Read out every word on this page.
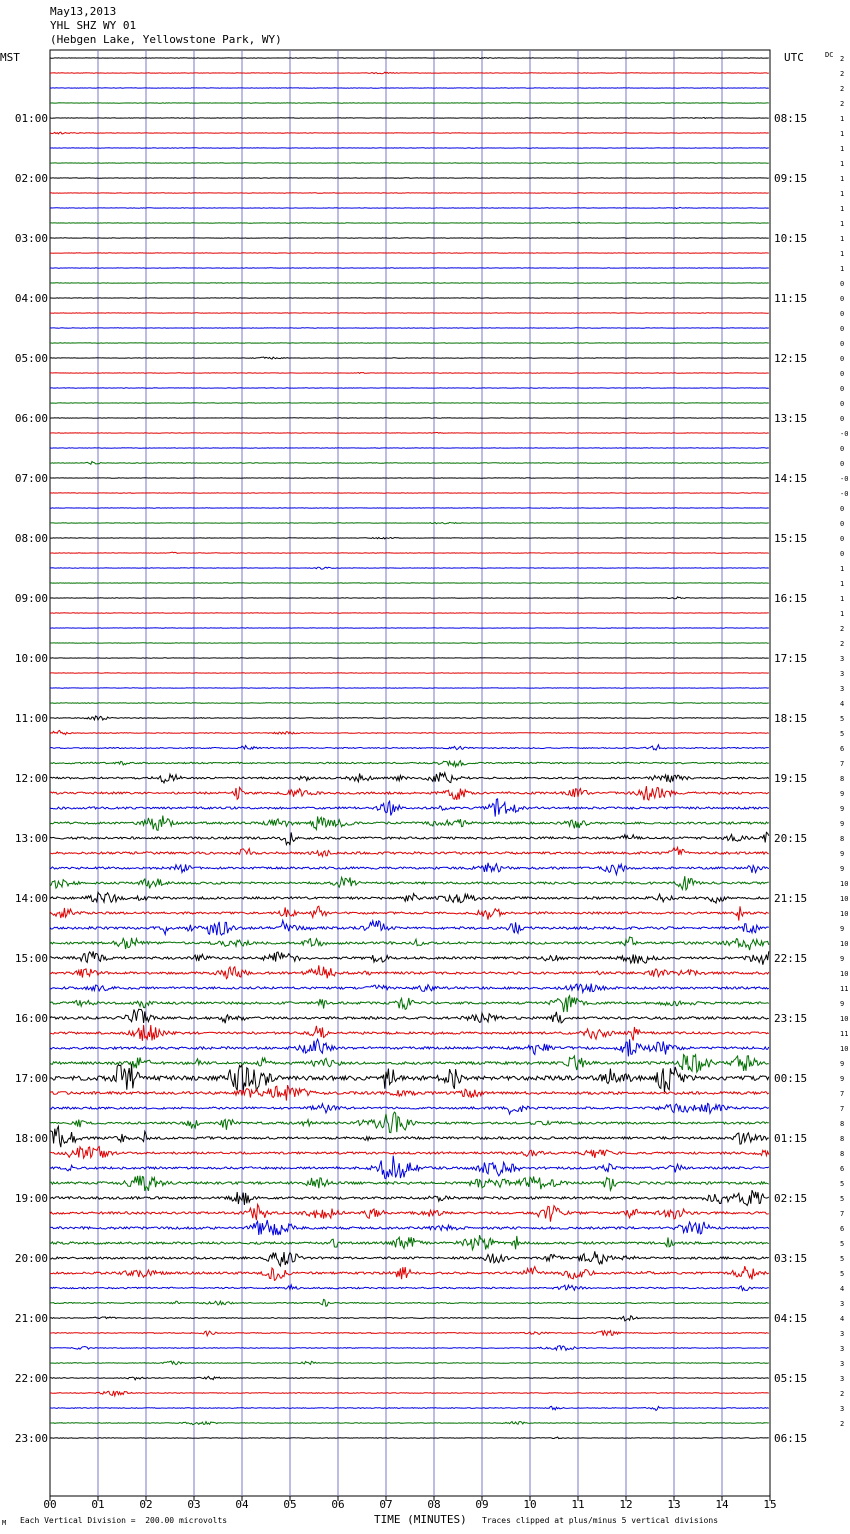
May13,2013
YHL SHZ WY 01
(Hebgen Lake, Yellowstone Park, WY)
MST	UTC	DC
01:00
02:00
03:00
04:00
05:00
06:00
07:00
08:00
09:00
10:00
11:00
12:00
13:00
14:00
15:00
16:00
17:00
18:00
19:00
20:00
21:00
22:00
23:00
08:15
09:15
10:15
11:15
12:15
13:15
14:15
15:15
16:15
17:15
18:15
19:15
20:15
21:15
22:15
23:15
00:15
01:15
02:15
03:15
04:15
05:15
06:15
2
2
2
2
1
1
1
1
1
1
1
1
1
1
1
0
0
0
0
0
0
0
0
0
0
-0
0
0
-0
-0
0
0
0
0
1
1
1
1
2
2
3
3
3
4
5
5
6
7
8
9
9
9
8
9
9
10
10
10
9
10
9
10
11
9
10
11
10
9
9
7
7
8
8
8
6
5
5
7
6
5
5
5
4
3
4
3
3
3
3
2
3
2
00	01	02	03	04	05	06	07	08	09	10	11	12	13	14	15
M Each Vertical Division =  200.00 microvolts	TIME (MINUTES) Traces clipped at plus/minus 5 vertical divisions
